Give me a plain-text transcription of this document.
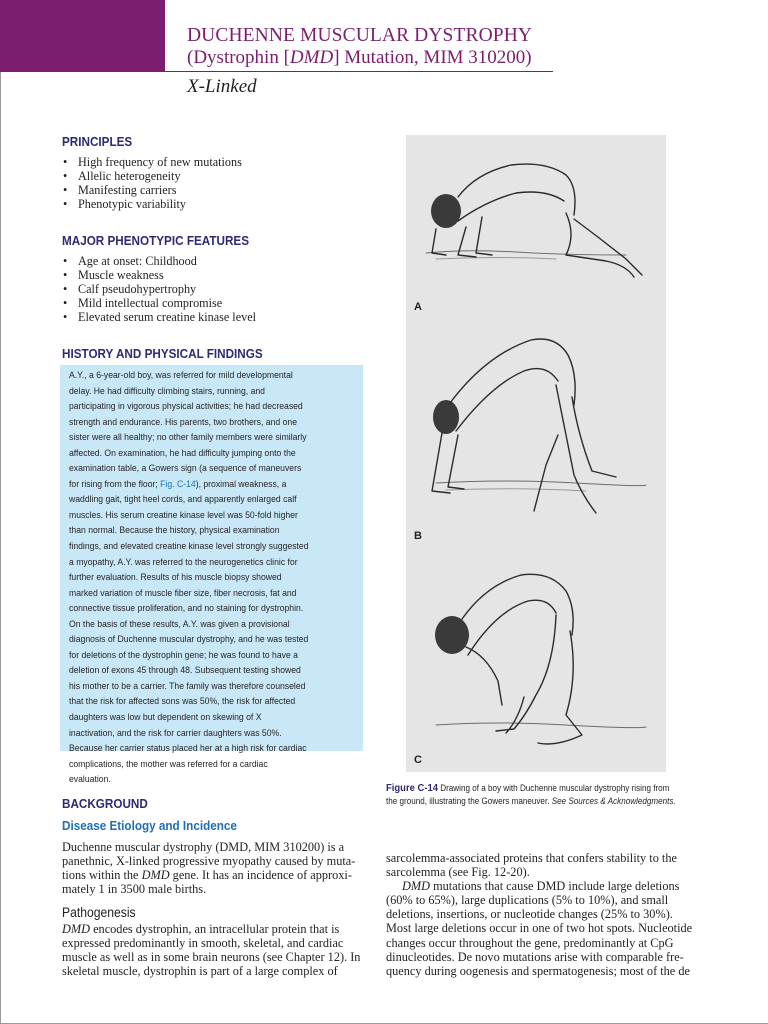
DUCHENNE MUSCULAR DYSTROPHY
(Dystrophin [DMD] Mutation, MIM 310200)
X-Linked
PRINCIPLES
• High frequency of new mutations
• Allelic heterogeneity
• Manifesting carriers
• Phenotypic variability
MAJOR PHENOTYPIC FEATURES
• Age at onset: Childhood
• Muscle weakness
• Calf pseudohypertrophy
• Mild intellectual compromise
• Elevated serum creatine kinase level
HISTORY AND PHYSICAL FINDINGS
A.Y., a 6-year-old boy, was referred for mild developmental
delay. He had difficulty climbing stairs, running, and
participating in vigorous physical activities; he had decreased
strength and endurance. His parents, two brothers, and one
sister were all healthy; no other family members were similarly
affected. On examination, he had difficulty jumping onto the
examination table, a Gowers sign (a sequence of maneuvers
for rising from the floor; Fig. C-14), proximal weakness, a
waddling gait, tight heel cords, and apparently enlarged calf
muscles. His serum creatine kinase level was 50-fold higher
than normal. Because the history, physical examination
findings, and elevated creatine kinase level strongly suggested
a myopathy, A.Y. was referred to the neurogenetics clinic for
further evaluation. Results of his muscle biopsy showed
marked variation of muscle fiber size, fiber necrosis, fat and
connective tissue proliferation, and no staining for dystrophin.
On the basis of these results, A.Y. was given a provisional
diagnosis of Duchenne muscular dystrophy, and he was tested
for deletions of the dystrophin gene; he was found to have a
deletion of exons 45 through 48. Subsequent testing showed
his mother to be a carrier. The family was therefore counseled
that the risk for affected sons was 50%, the risk for affected
daughters was low but dependent on skewing of X
inactivation, and the risk for carrier daughters was 50%.
Because her carrier status placed her at a high risk for cardiac
complications, the mother was referred for a cardiac
evaluation.
A
B
C
Figure C-14 Drawing of a boy with Duchenne muscular dystrophy rising from
the ground, illustrating the Gowers maneuver. See Sources & Acknowledgments.
BACKGROUND
Disease Etiology and Incidence
Duchenne muscular dystrophy (DMD, MIM 310200) is a
panethnic, X-linked progressive myopathy caused by muta-
tions within the DMD gene. It has an incidence of approxi-
mately 1 in 3500 male births.
Pathogenesis
DMD encodes dystrophin, an intracellular protein that is
expressed predominantly in smooth, skeletal, and cardiac
muscle as well as in some brain neurons (see Chapter 12). In
skeletal muscle, dystrophin is part of a large complex of
sarcolemma-associated proteins that confers stability to the
sarcolemma (see Fig. 12-20).
DMD mutations that cause DMD include large deletions
(60% to 65%), large duplications (5% to 10%), and small
deletions, insertions, or nucleotide changes (25% to 30%).
Most large deletions occur in one of two hot spots. Nucleotide
changes occur throughout the gene, predominantly at CpG
dinucleotides. De novo mutations arise with comparable fre-
quency during oogenesis and spermatogenesis; most of the de
